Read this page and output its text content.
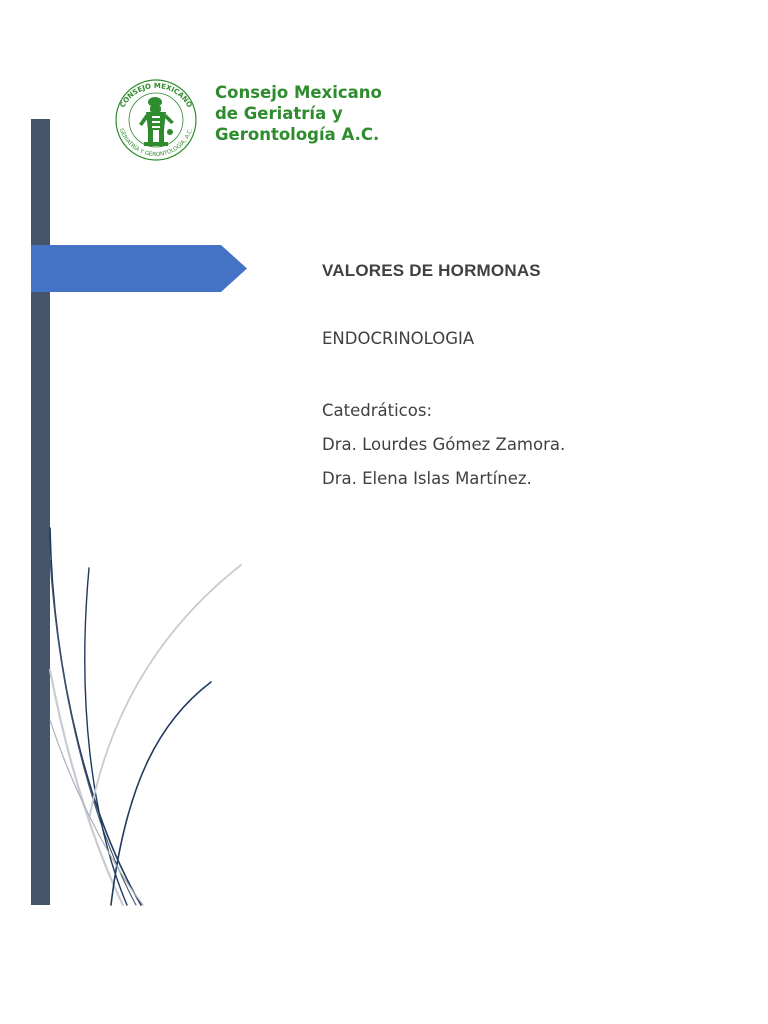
CONSEJO MEXICANO
GERIATRÍA Y GERONTOLOGÍA, A.C.
Consejo Mexicano
de Geriatría y
Gerontología A.C.
VALORES DE HORMONAS
ENDOCRINOLOGIA
Catedráticos:
Dra. Lourdes Gómez Zamora.
Dra. Elena Islas Martínez.
